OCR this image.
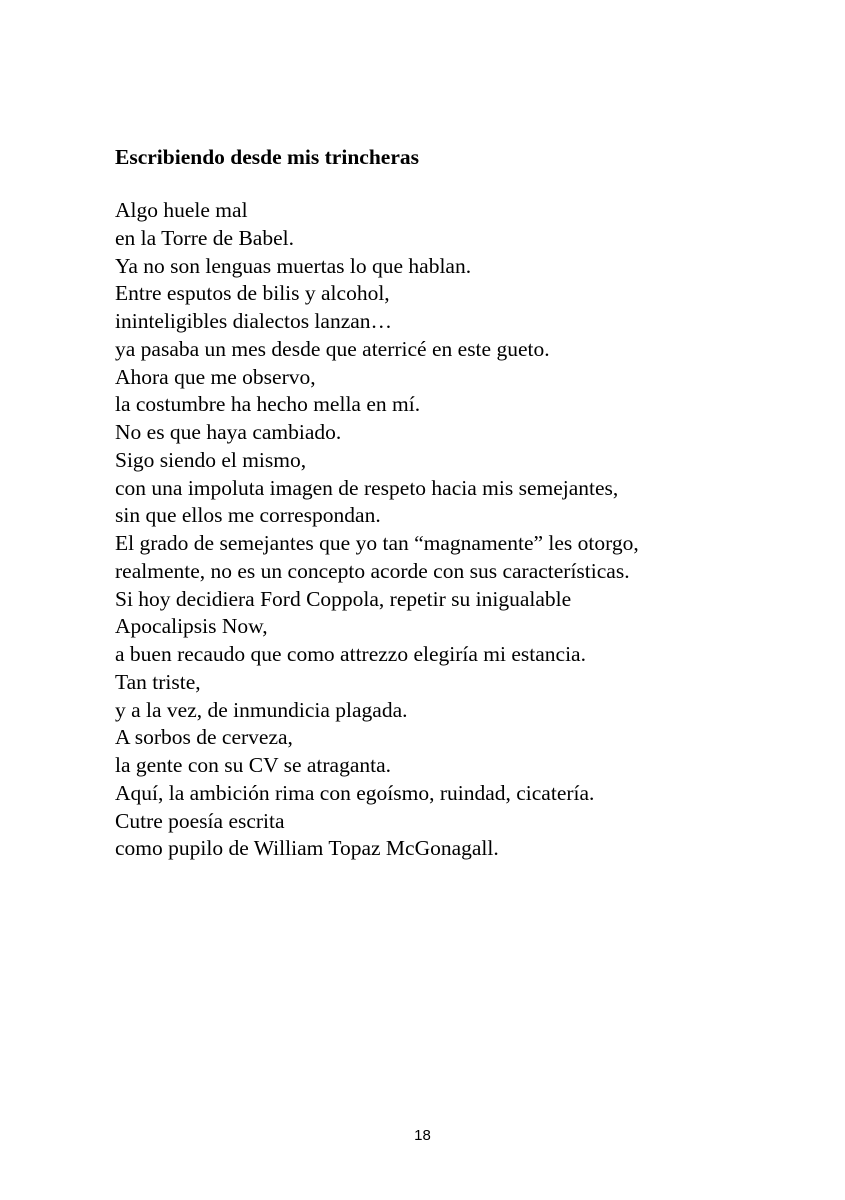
Escribiendo desde mis trincheras
Algo huele mal
en la Torre de Babel.
Ya no son lenguas muertas lo que hablan.
Entre esputos de bilis y alcohol,
ininteligibles dialectos lanzan…
ya pasaba un mes desde que aterricé en este gueto.
Ahora que me observo,
la costumbre ha hecho mella en mí.
No es que haya cambiado.
Sigo siendo el mismo,
con una impoluta imagen de respeto hacia mis semejantes,
sin que ellos me correspondan.
El grado de semejantes que yo tan “magnamente” les otorgo,
realmente, no es un concepto acorde con sus características.
Si hoy decidiera Ford Coppola, repetir su inigualable
Apocalipsis Now,
a buen recaudo que como attrezzo elegiría mi estancia.
Tan triste,
y a la vez, de inmundicia plagada.
A sorbos de cerveza,
la gente con su CV se atraganta.
Aquí, la ambición rima con egoísmo, ruindad, cicatería.
Cutre poesía escrita
como pupilo de William Topaz McGonagall.
18
